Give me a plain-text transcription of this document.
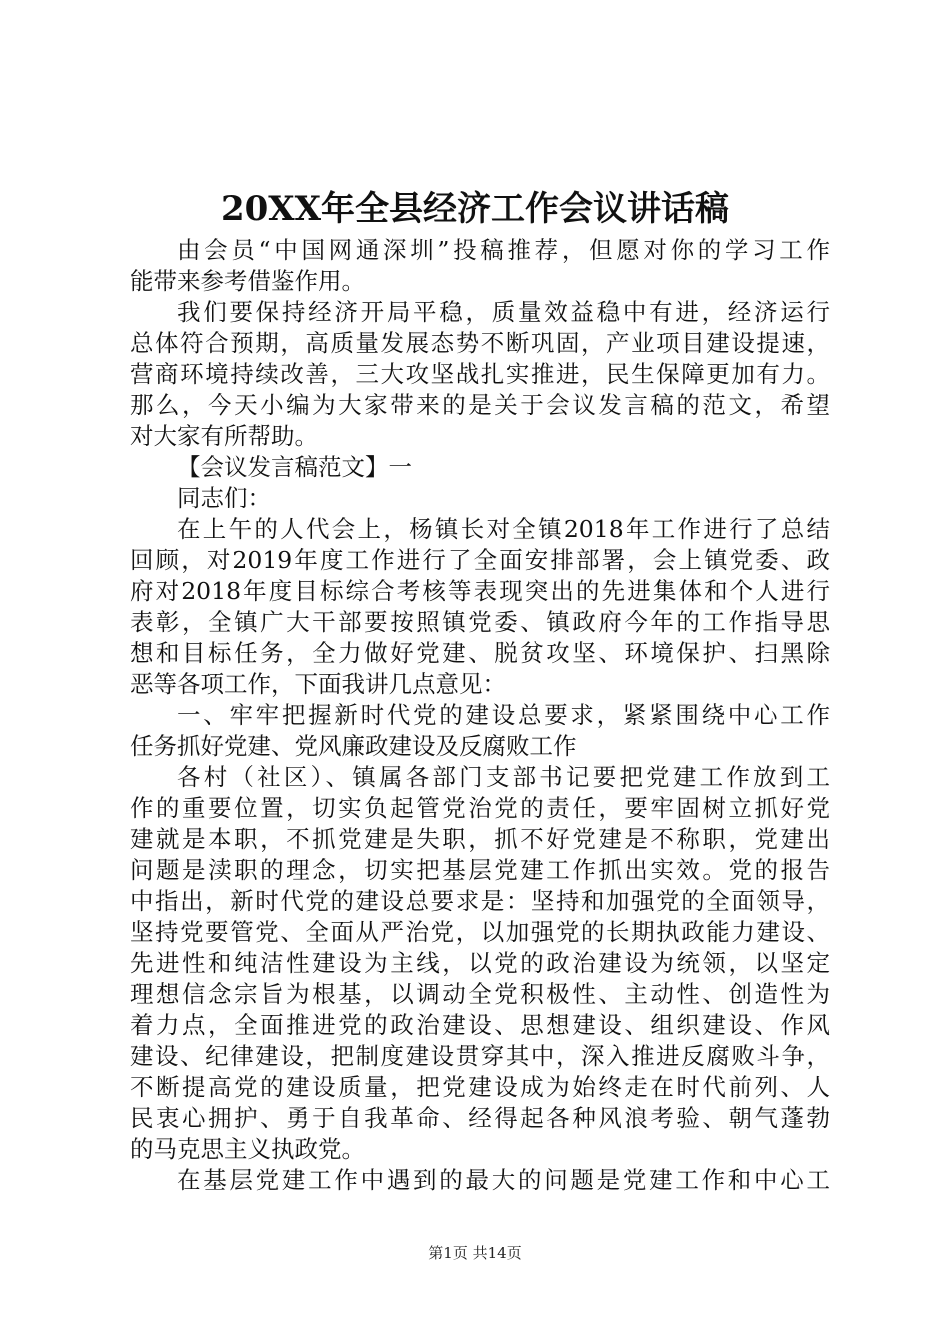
20XX年全县经济工作会议讲话稿
由会员“中国网通深圳”投稿推荐，但愿对你的学习工作
能带来参考借鉴作用。
我们要保持经济开局平稳，质量效益稳中有进，经济运行
总体符合预期，高质量发展态势不断巩固，产业项目建设提速，
营商环境持续改善，三大攻坚战扎实推进，民生保障更加有力。
那么，今天小编为大家带来的是关于会议发言稿的范文，希望
对大家有所帮助。
【会议发言稿范文】一
同志们：
在上午的人代会上，杨镇长对全镇2018年工作进行了总结
回顾，对2019年度工作进行了全面安排部署，会上镇党委、政
府对2018年度目标综合考核等表现突出的先进集体和个人进行
表彰，全镇广大干部要按照镇党委、镇政府今年的工作指导思
想和目标任务，全力做好党建、脱贫攻坚、环境保护、扫黑除
恶等各项工作，下面我讲几点意见：
一、牢牢把握新时代党的建设总要求，紧紧围绕中心工作
任务抓好党建、党风廉政建设及反腐败工作
各村（社区）、镇属各部门支部书记要把党建工作放到工
作的重要位置，切实负起管党治党的责任，要牢固树立抓好党
建就是本职，不抓党建是失职，抓不好党建是不称职，党建出
问题是渎职的理念，切实把基层党建工作抓出实效。党的报告
中指出，新时代党的建设总要求是：坚持和加强党的全面领导，
坚持党要管党、全面从严治党，以加强党的长期执政能力建设、
先进性和纯洁性建设为主线，以党的政治建设为统领，以坚定
理想信念宗旨为根基，以调动全党积极性、主动性、创造性为
着力点，全面推进党的政治建设、思想建设、组织建设、作风
建设、纪律建设，把制度建设贯穿其中，深入推进反腐败斗争，
不断提高党的建设质量，把党建设成为始终走在时代前列、人
民衷心拥护、勇于自我革命、经得起各种风浪考验、朝气蓬勃
的马克思主义执政党。
在基层党建工作中遇到的最大的问题是党建工作和中心工
第1页 共14页
